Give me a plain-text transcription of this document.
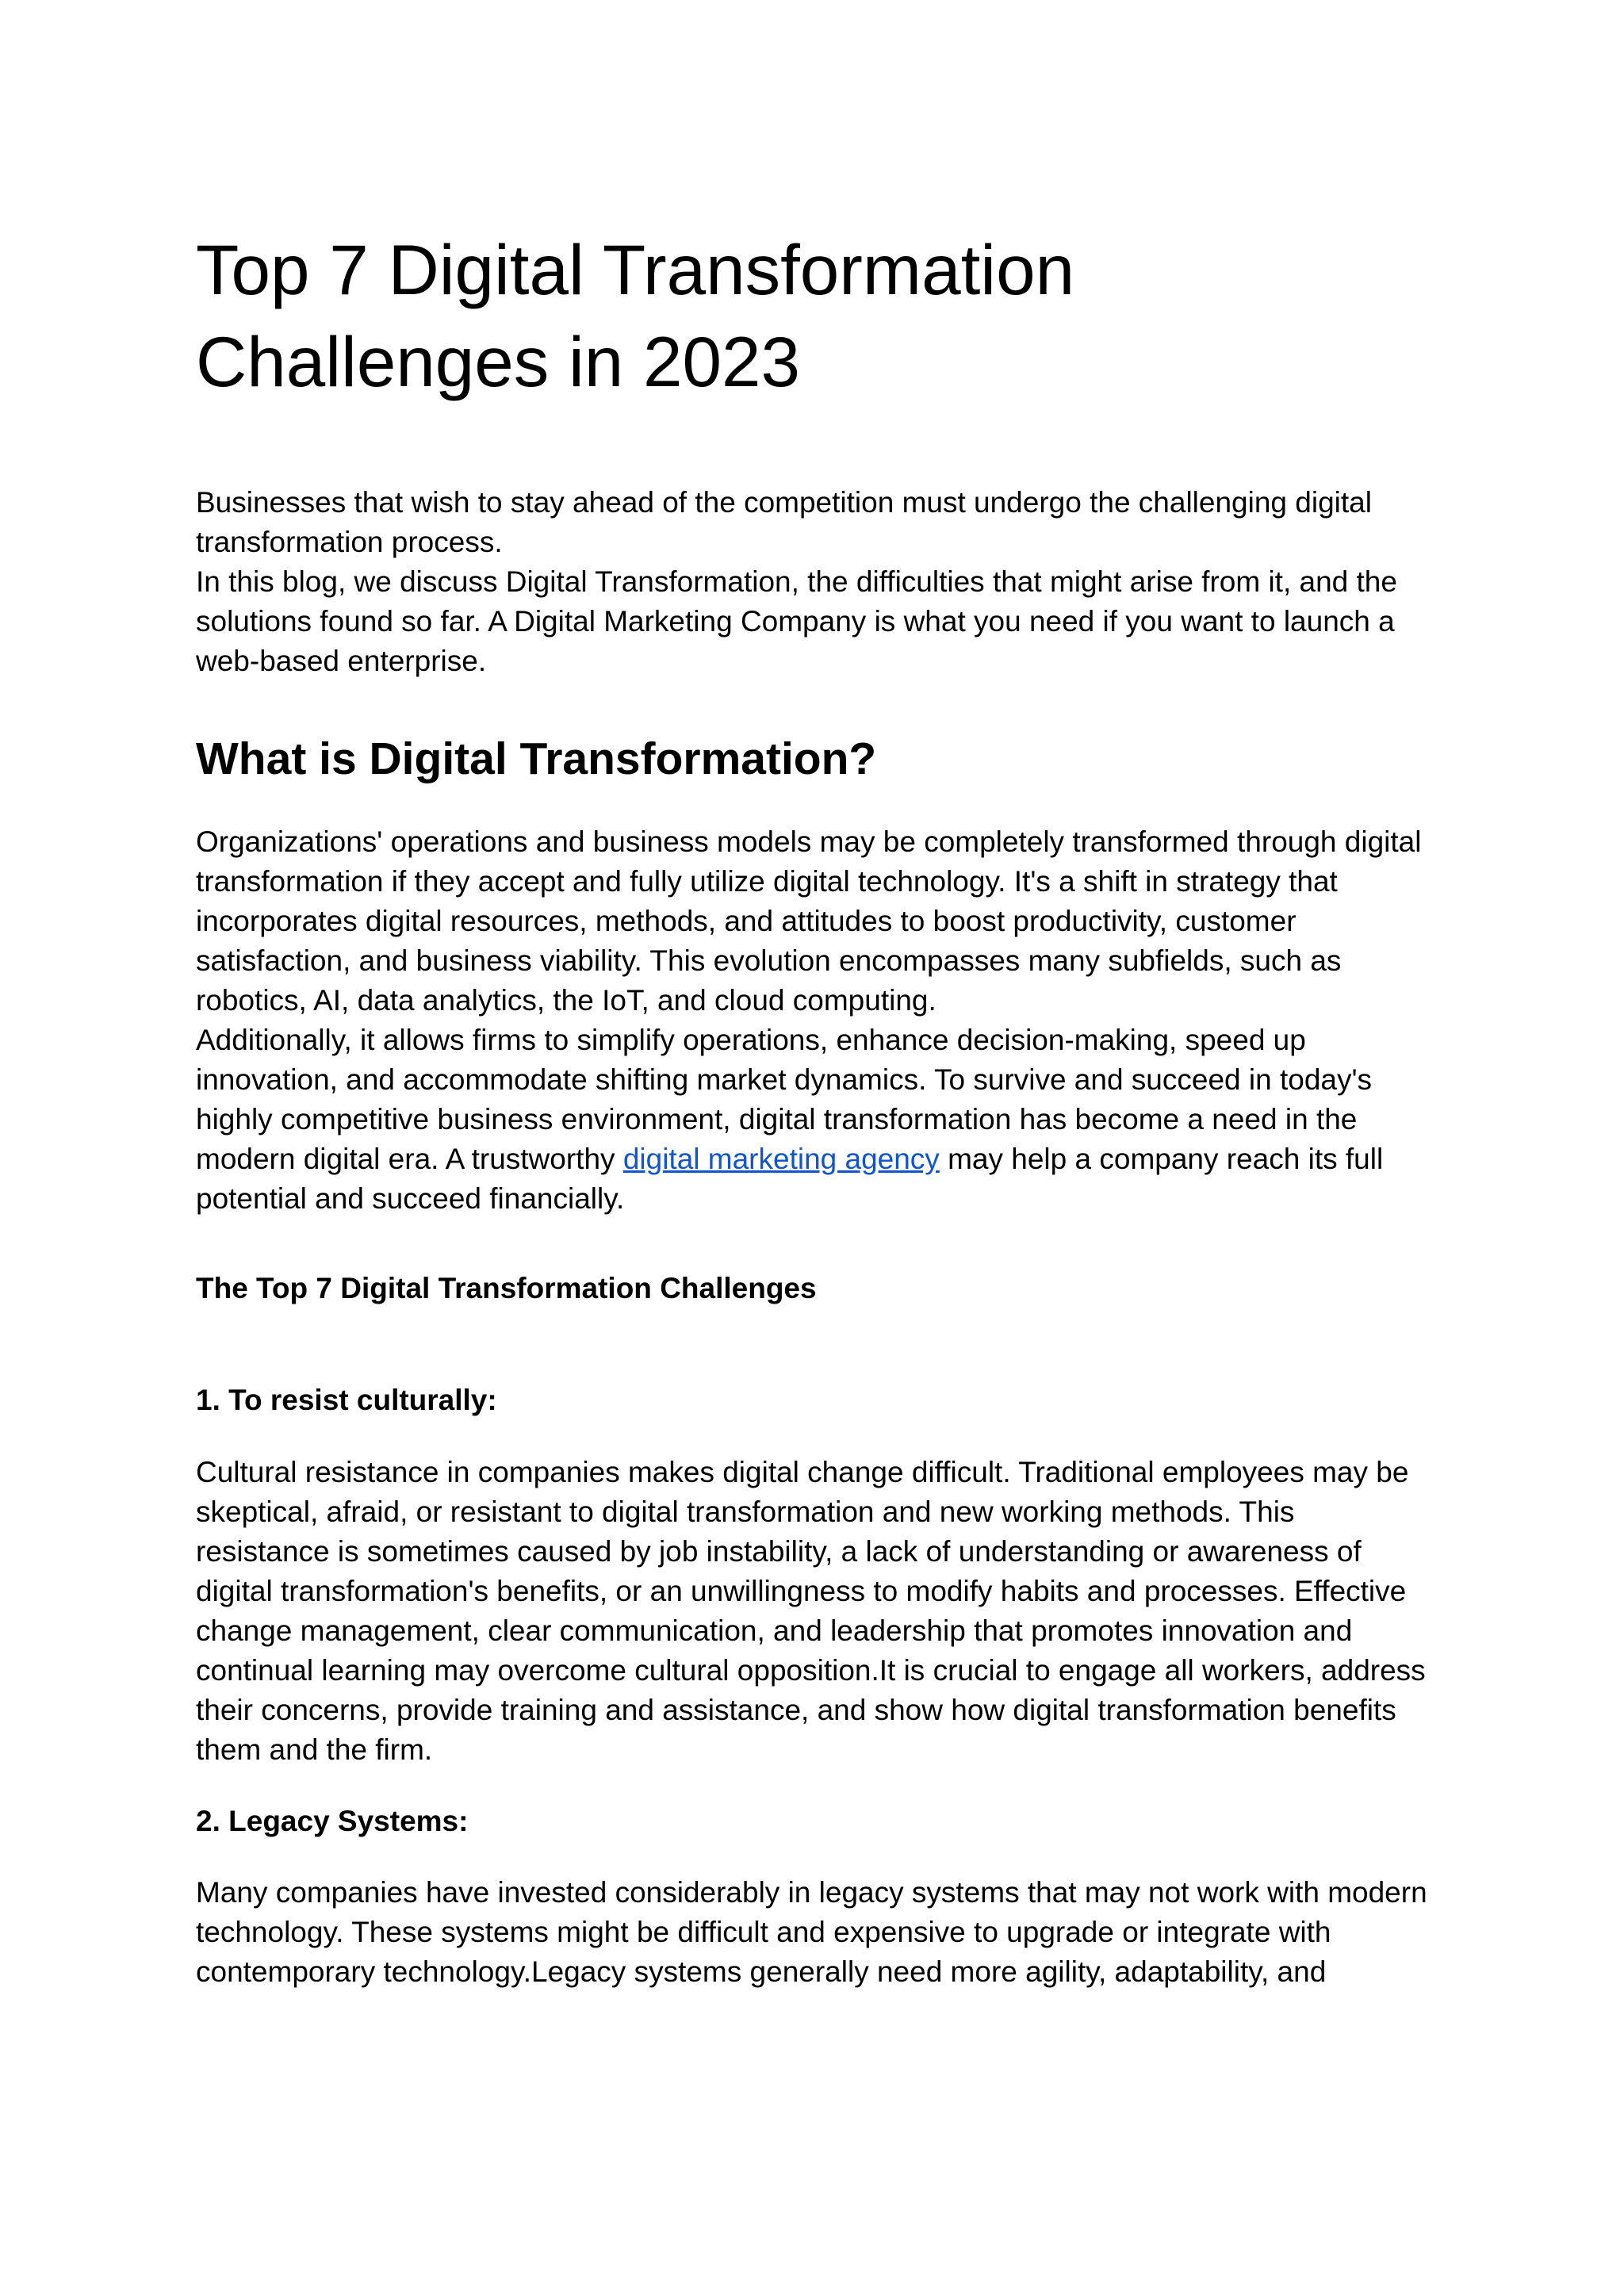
Top 7 Digital Transformation Challenges in 2023

Businesses that wish to stay ahead of the competition must undergo the challenging digital transformation process.

In this blog, we discuss Digital Transformation, the difficulties that might arise from it, and the solutions found so far. A Digital Marketing Company is what you need if you want to launch a web-based enterprise.

What is Digital Transformation?

Organizations' operations and business models may be completely transformed through digital transformation if they accept and fully utilize digital technology. It's a shift in strategy that incorporates digital resources, methods, and attitudes to boost productivity, customer satisfaction, and business viability. This evolution encompasses many subfields, such as robotics, AI, data analytics, the IoT, and cloud computing.

Additionally, it allows firms to simplify operations, enhance decision-making, speed up innovation, and accommodate shifting market dynamics. To survive and succeed in today's highly competitive business environment, digital transformation has become a need in the modern digital era. A trustworthy digital marketing agency may help a company reach its full potential and succeed financially.

The Top 7 Digital Transformation Challenges
1. To resist culturally:

Cultural resistance in companies makes digital change difficult. Traditional employees may be skeptical, afraid, or resistant to digital transformation and new working methods. This resistance is sometimes caused by job instability, a lack of understanding or awareness of digital transformation's benefits, or an unwillingness to modify habits and processes. Effective change management, clear communication, and leadership that promotes innovation and continual learning may overcome cultural opposition.It is crucial to engage all workers, address their concerns, provide training and assistance, and show how digital transformation benefits them and the firm.

2. Legacy Systems:

Many companies have invested considerably in legacy systems that may not work with modern technology. These systems might be difficult and expensive to upgrade or integrate with contemporary technology.Legacy systems generally need more agility, adaptability, and
